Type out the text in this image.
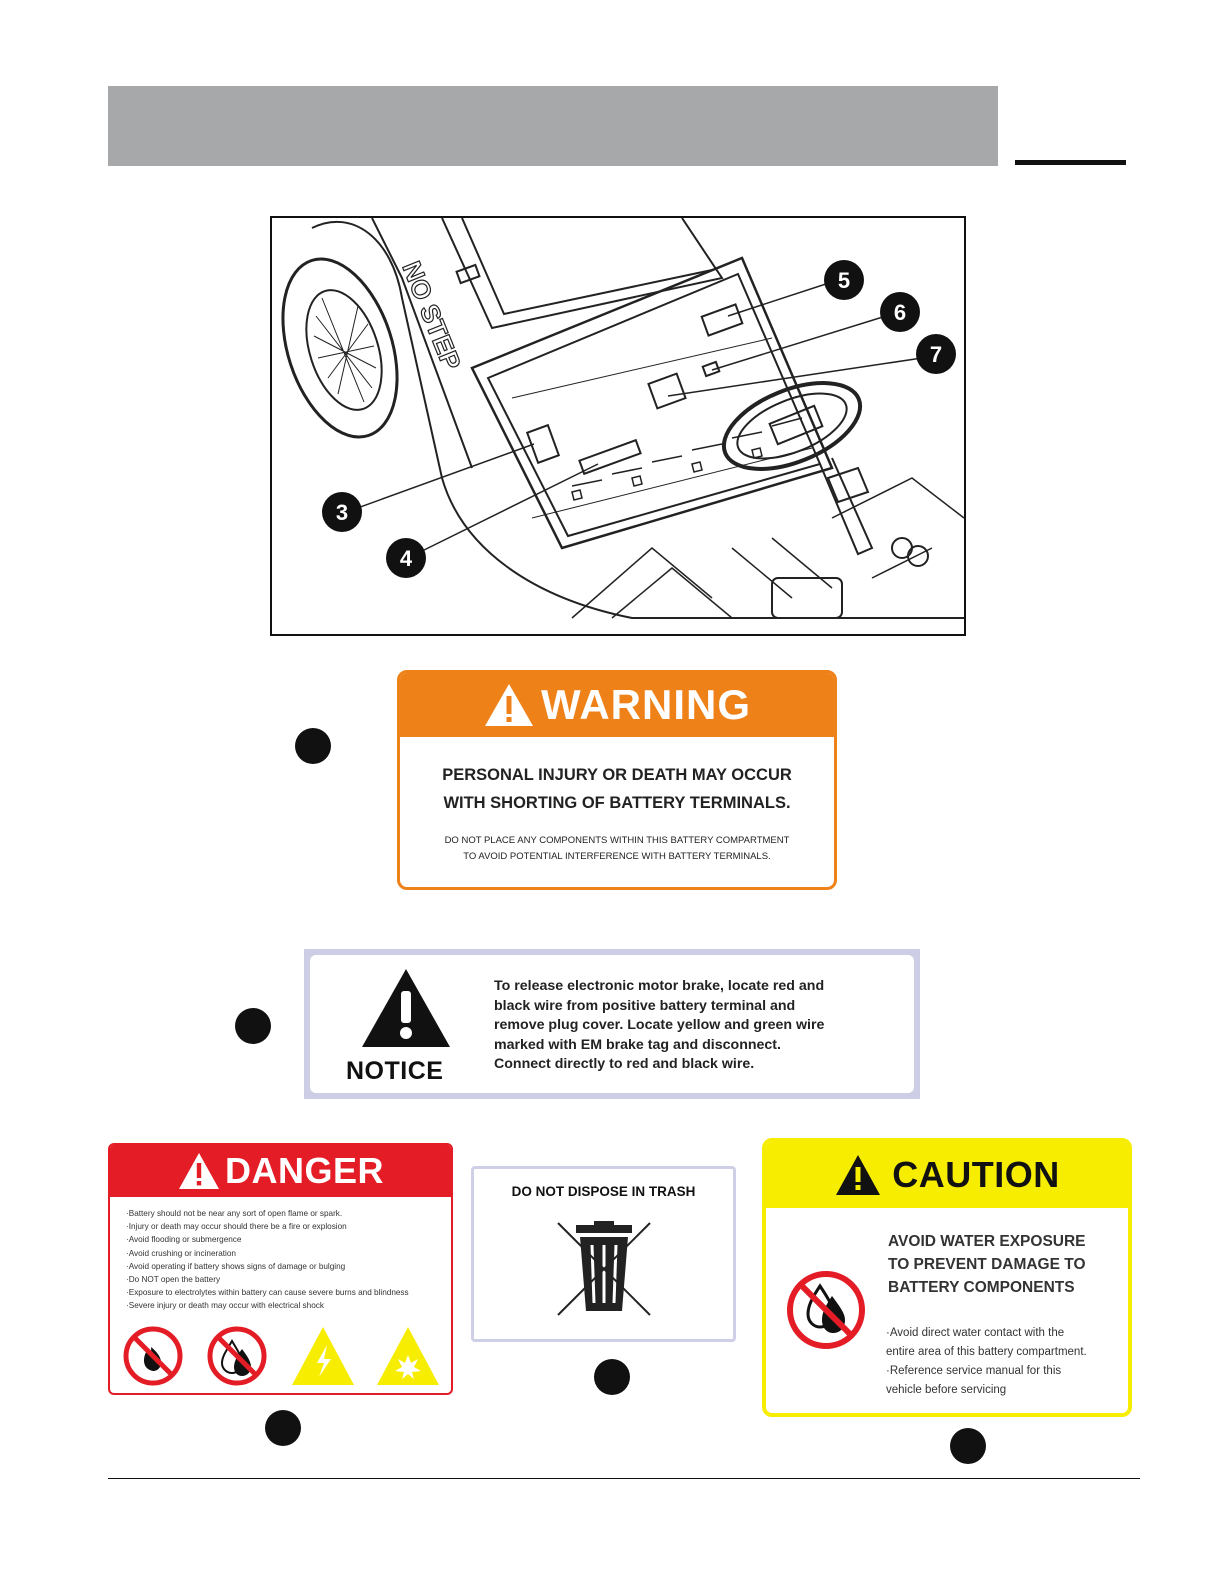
NO STEP
3
4
5
6
7
WARNING
PERSONAL INJURY OR DEATH MAY OCCUR
WITH SHORTING OF BATTERY TERMINALS.
DO NOT PLACE ANY COMPONENTS WITHIN THIS BATTERY COMPARTMENT
TO AVOID POTENTIAL INTERFERENCE WITH BATTERY TERMINALS.
NOTICE
To release electronic motor brake, locate red and
black wire from positive battery terminal and
remove plug cover. Locate yellow and green wire
marked with EM brake tag and disconnect.
Connect directly to red and black wire.
DANGER
·Battery should not be near any sort of open flame or spark.
·Injury or death may occur should there be a fire or explosion
·Avoid flooding or submergence
·Avoid crushing or incineration
·Avoid operating if battery shows signs of damage or bulging
·Do NOT open the battery
·Exposure to electrolytes within battery can cause severe burns and blindness
·Severe injury or death may occur with electrical shock
DO NOT DISPOSE IN TRASH	CAUTION
AVOID WATER EXPOSURE
TO PREVENT DAMAGE TO
BATTERY COMPONENTS
·Avoid direct water contact with the
entire area of this battery compartment.
·Reference service manual for this
vehicle before servicing
